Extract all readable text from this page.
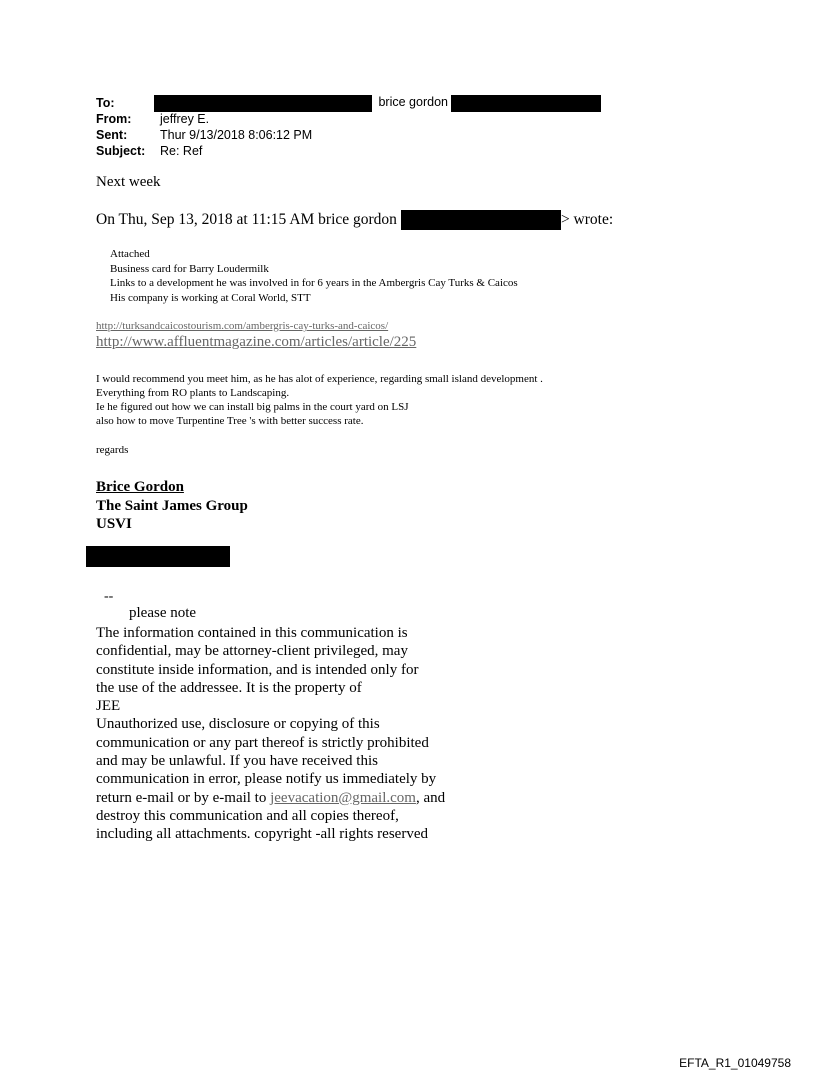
To:	brice gordon
From:	jeffrey E.
Sent:	Thur 9/13/2018 8:06:12 PM
Subject:	Re: Ref
Next week
On Thu, Sep 13, 2018 at 11:15 AM brice gordon	> wrote:
Attached
Business card for Barry Loudermilk
Links to a development he was involved in for 6 years in the Ambergris Cay Turks & Caicos
His company is working at Coral World, STT
http://turksandcaicostourism.com/ambergris-cay-turks-and-caicos/
http://www.affluentmagazine.com/articles/article/225
I would recommend you meet him, as he has alot of experience, regarding small island development .
Everything from RO plants to Landscaping.
Ie he figured out how we can install big palms in the court yard on LSJ
also how to move Turpentine Tree 's with better success rate.
regards
Brice Gordon
The Saint James Group
USVI
--
please note
The information contained in this communication is
confidential, may be attorney-client privileged, may
constitute inside information, and is intended only for
the use of the addressee. It is the property of
JEE
Unauthorized use, disclosure or copying of this
communication or any part thereof is strictly prohibited
and may be unlawful. If you have received this
communication in error, please notify us immediately by
return e-mail or by e-mail to jeevacation@gmail.com, and
destroy this communication and all copies thereof,
including all attachments. copyright -all rights reserved
EFTA_R1_01049758
